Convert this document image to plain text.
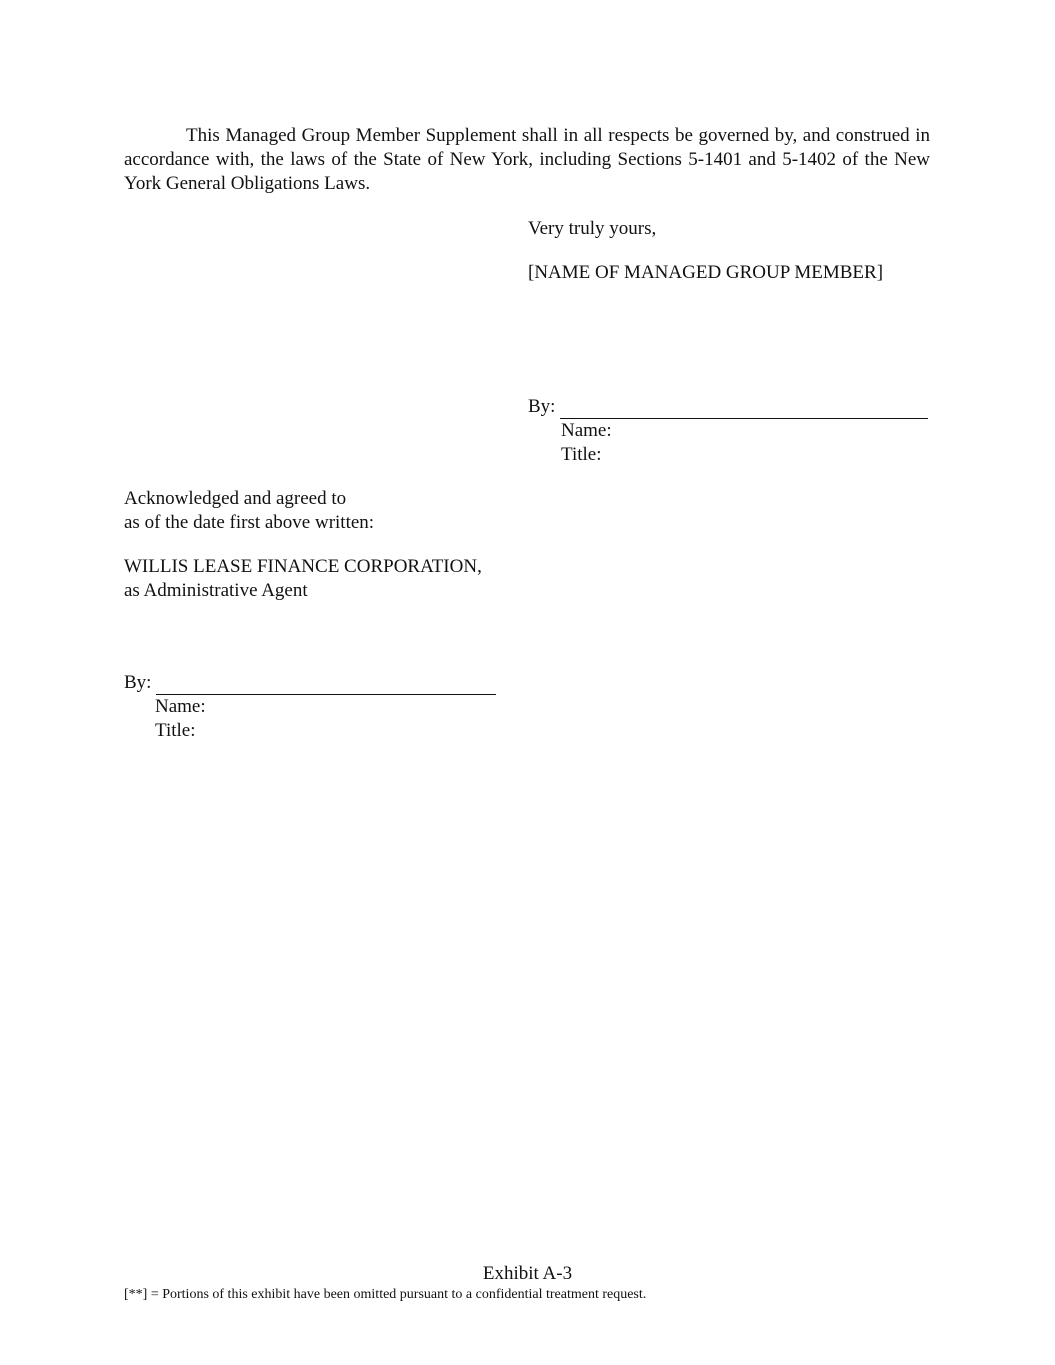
This Managed Group Member Supplement shall in all respects be governed by, and construed in accordance with, the laws of the State of New York, including Sections 5-1401 and 5-1402 of the New York General Obligations Laws.

Very truly yours,
[NAME OF MANAGED GROUP MEMBER]
By:
Name:
Title:
Acknowledged and agreed to
as of the date first above written:
WILLIS LEASE FINANCE CORPORATION,
as Administrative Agent
By:
Name:
Title:
Exhibit A-3
[**] = Portions of this exhibit have been omitted pursuant to a confidential treatment request.
